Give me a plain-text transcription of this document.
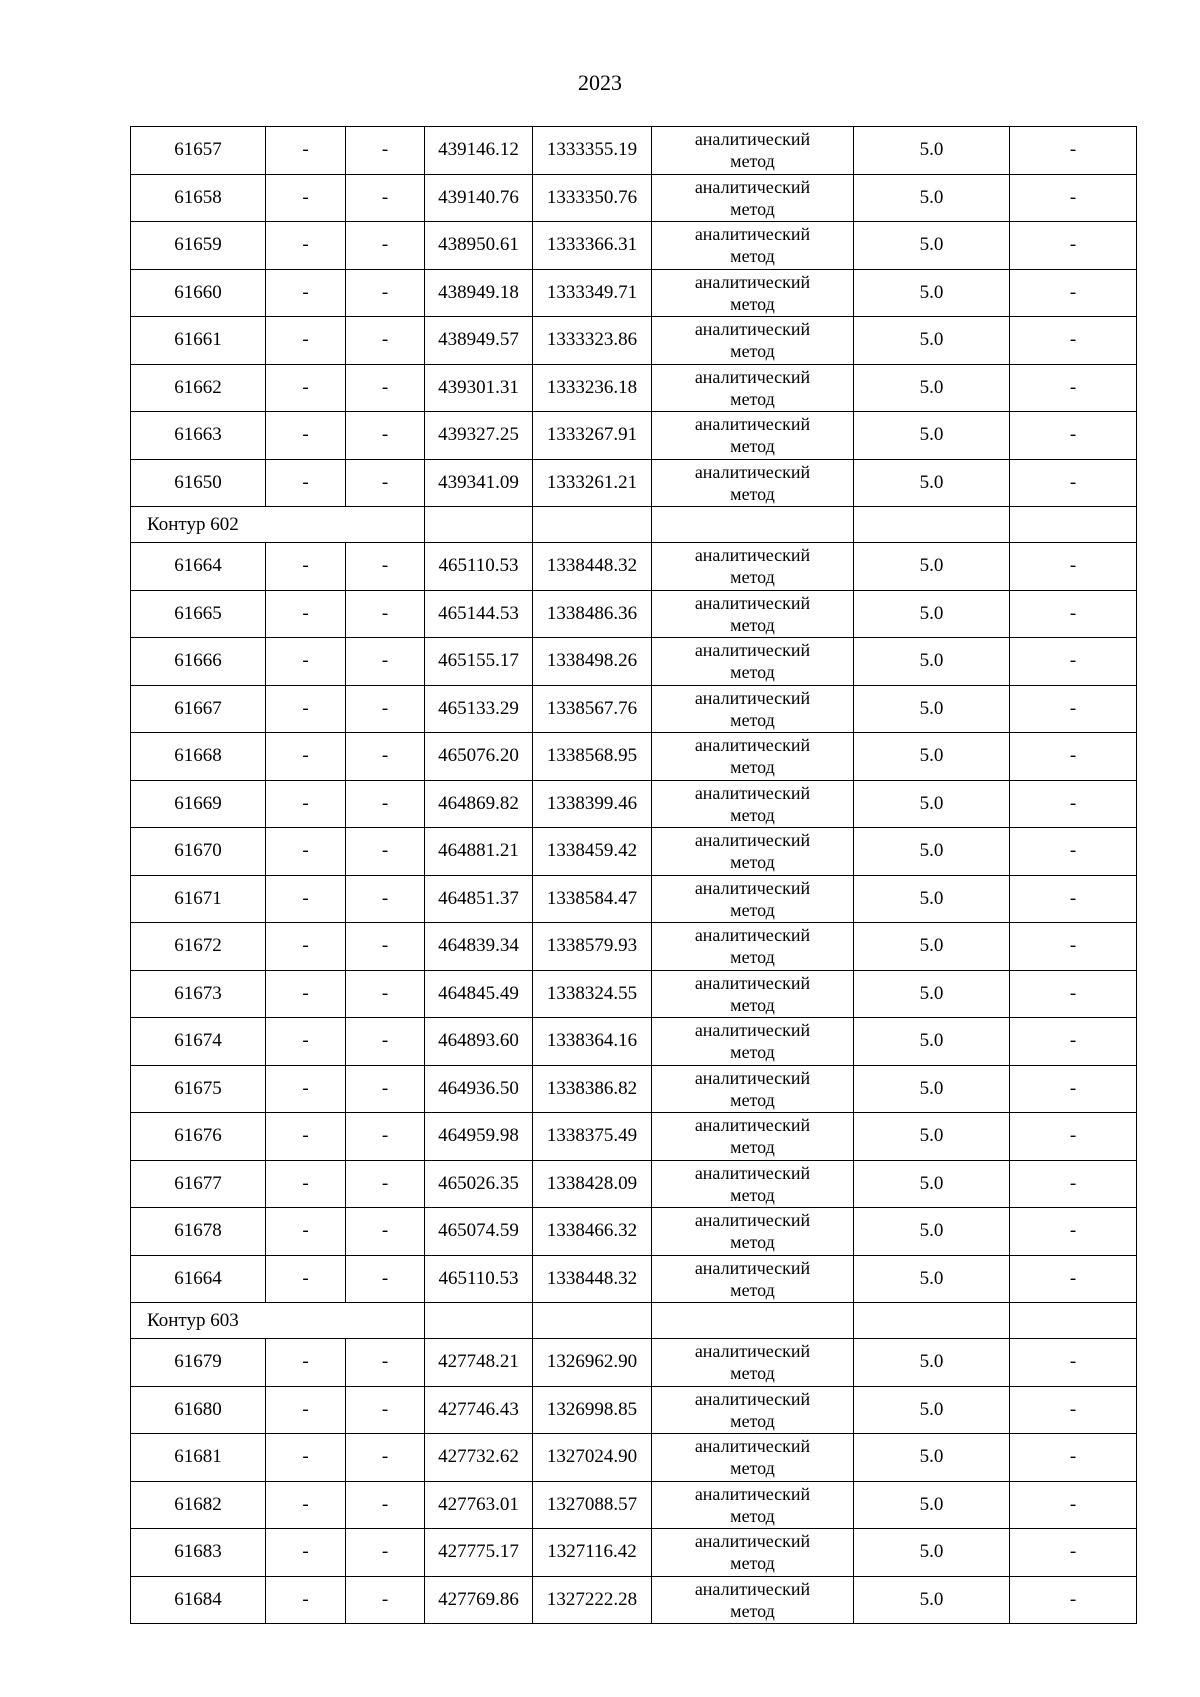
2023
61657	-	-	439146.12	1333355.19	аналитический
метод	5.0	-
61658	-	-	439140.76	1333350.76	аналитический
метод	5.0	-
61659	-	-	438950.61	1333366.31	аналитический
метод	5.0	-
61660	-	-	438949.18	1333349.71	аналитический
метод	5.0	-
61661	-	-	438949.57	1333323.86	аналитический
метод	5.0	-
61662	-	-	439301.31	1333236.18	аналитический
метод	5.0	-
61663	-	-	439327.25	1333267.91	аналитический
метод	5.0	-
61650	-	-	439341.09	1333261.21	аналитический
метод	5.0	-
Контур 602							
61664	-	-	465110.53	1338448.32	аналитический
метод	5.0	-
61665	-	-	465144.53	1338486.36	аналитический
метод	5.0	-
61666	-	-	465155.17	1338498.26	аналитический
метод	5.0	-
61667	-	-	465133.29	1338567.76	аналитический
метод	5.0	-
61668	-	-	465076.20	1338568.95	аналитический
метод	5.0	-
61669	-	-	464869.82	1338399.46	аналитический
метод	5.0	-
61670	-	-	464881.21	1338459.42	аналитический
метод	5.0	-
61671	-	-	464851.37	1338584.47	аналитический
метод	5.0	-
61672	-	-	464839.34	1338579.93	аналитический
метод	5.0	-
61673	-	-	464845.49	1338324.55	аналитический
метод	5.0	-
61674	-	-	464893.60	1338364.16	аналитический
метод	5.0	-
61675	-	-	464936.50	1338386.82	аналитический
метод	5.0	-
61676	-	-	464959.98	1338375.49	аналитический
метод	5.0	-
61677	-	-	465026.35	1338428.09	аналитический
метод	5.0	-
61678	-	-	465074.59	1338466.32	аналитический
метод	5.0	-
61664	-	-	465110.53	1338448.32	аналитический
метод	5.0	-
Контур 603							
61679	-	-	427748.21	1326962.90	аналитический
метод	5.0	-
61680	-	-	427746.43	1326998.85	аналитический
метод	5.0	-
61681	-	-	427732.62	1327024.90	аналитический
метод	5.0	-
61682	-	-	427763.01	1327088.57	аналитический
метод	5.0	-
61683	-	-	427775.17	1327116.42	аналитический
метод	5.0	-
61684	-	-	427769.86	1327222.28	аналитический
метод	5.0	-
